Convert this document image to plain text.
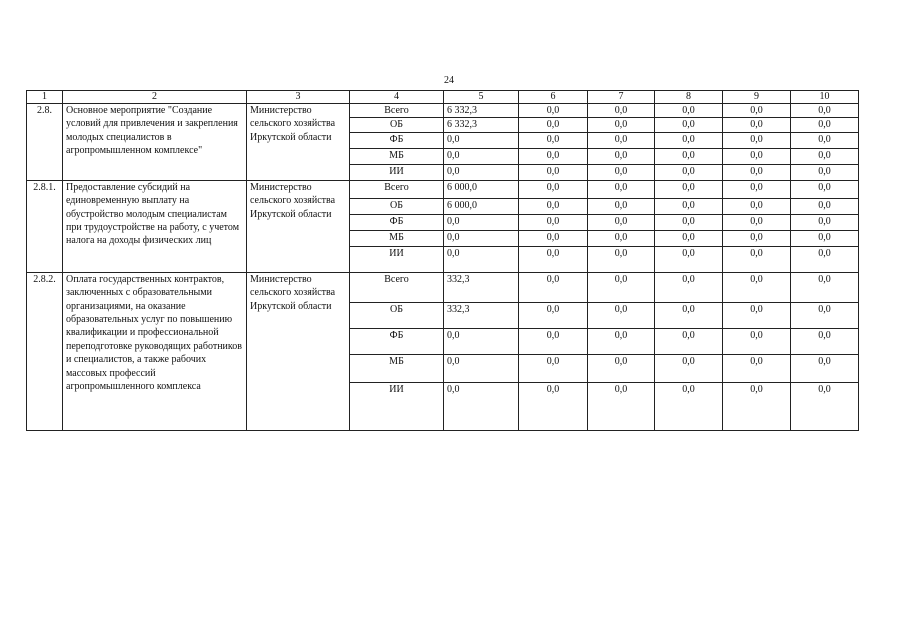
24
1	2	3	4	5	6	7	8	9	10
2.8.	Основное мероприятие "Создание условий для привлечения и закрепления молодых специалистов в агропромышленном комплексе"	Министерство сельского хозяйства Иркутской области	Всего	6 332,3	0,0	0,0	0,0	0,0	0,0
			ОБ	6 332,3	0,0	0,0	0,0	0,0	0,0
			ФБ	0,0	0,0	0,0	0,0	0,0	0,0
			МБ	0,0	0,0	0,0	0,0	0,0	0,0
			ИИ	0,0	0,0	0,0	0,0	0,0	0,0
2.8.1.	Предоставление субсидий на единовременную выплату на обустройство молодым специалистам при трудоустройстве на работу, с учетом налога на доходы физических лиц	Министерство сельского хозяйства Иркутской области	Всего	6 000,0	0,0	0,0	0,0	0,0	0,0
			ОБ	6 000,0	0,0	0,0	0,0	0,0	0,0
			ФБ	0,0	0,0	0,0	0,0	0,0	0,0
			МБ	0,0	0,0	0,0	0,0	0,0	0,0
			ИИ	0,0	0,0	0,0	0,0	0,0	0,0
2.8.2.	Оплата государственных контрактов, заключенных с образовательными организациями, на оказание образовательных услуг по повышению квалификации и профессиональной переподготовке руководящих работников и специалистов, а также рабочих массовых профессий агропромышленного комплекса	Министерство сельского хозяйства Иркутской области	Всего	332,3	0,0	0,0	0,0	0,0	0,0
			ОБ	332,3	0,0	0,0	0,0	0,0	0,0
			ФБ	0,0	0,0	0,0	0,0	0,0	0,0
			МБ	0,0	0,0	0,0	0,0	0,0	0,0
			ИИ	0,0	0,0	0,0	0,0	0,0	0,0
